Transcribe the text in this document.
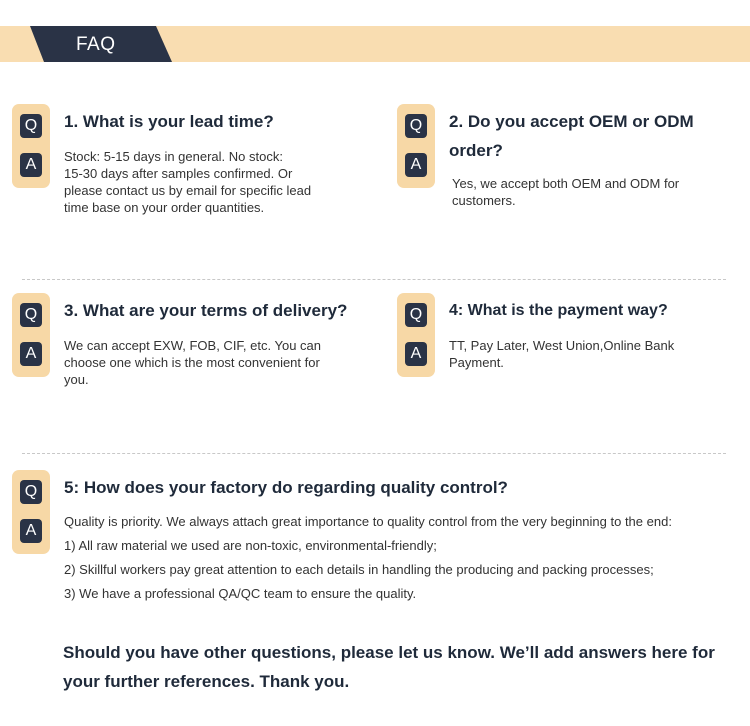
FAQ
Q
A
1. What is your lead time?
Stock: 5-15 days in general. No stock:
15-30 days after samples confirmed. Or
please contact us by email for specific lead
time base on your order quantities.
Q
A
2. Do you accept OEM or ODM order?
Yes, we accept both OEM and ODM for customers.
Q
A
3. What are your terms of delivery?
We can accept EXW, FOB, CIF, etc. You can choose one which is the most convenient for you.
Q
A
4: What is the payment way?
TT, Pay Later, West Union,Online Bank Payment.
Q
A
5: How does your factory do regarding quality control?
Quality is priority. We always attach great importance to quality control from the very beginning to the end:
1) All raw material we used are non-toxic, environmental-friendly;
2) Skillful workers pay great attention to each details in handling the producing and packing processes;
3) We have a professional QA/QC team to ensure the quality.
Should you have other questions, please let us know. We’ll add answers here for your further references. Thank you.
